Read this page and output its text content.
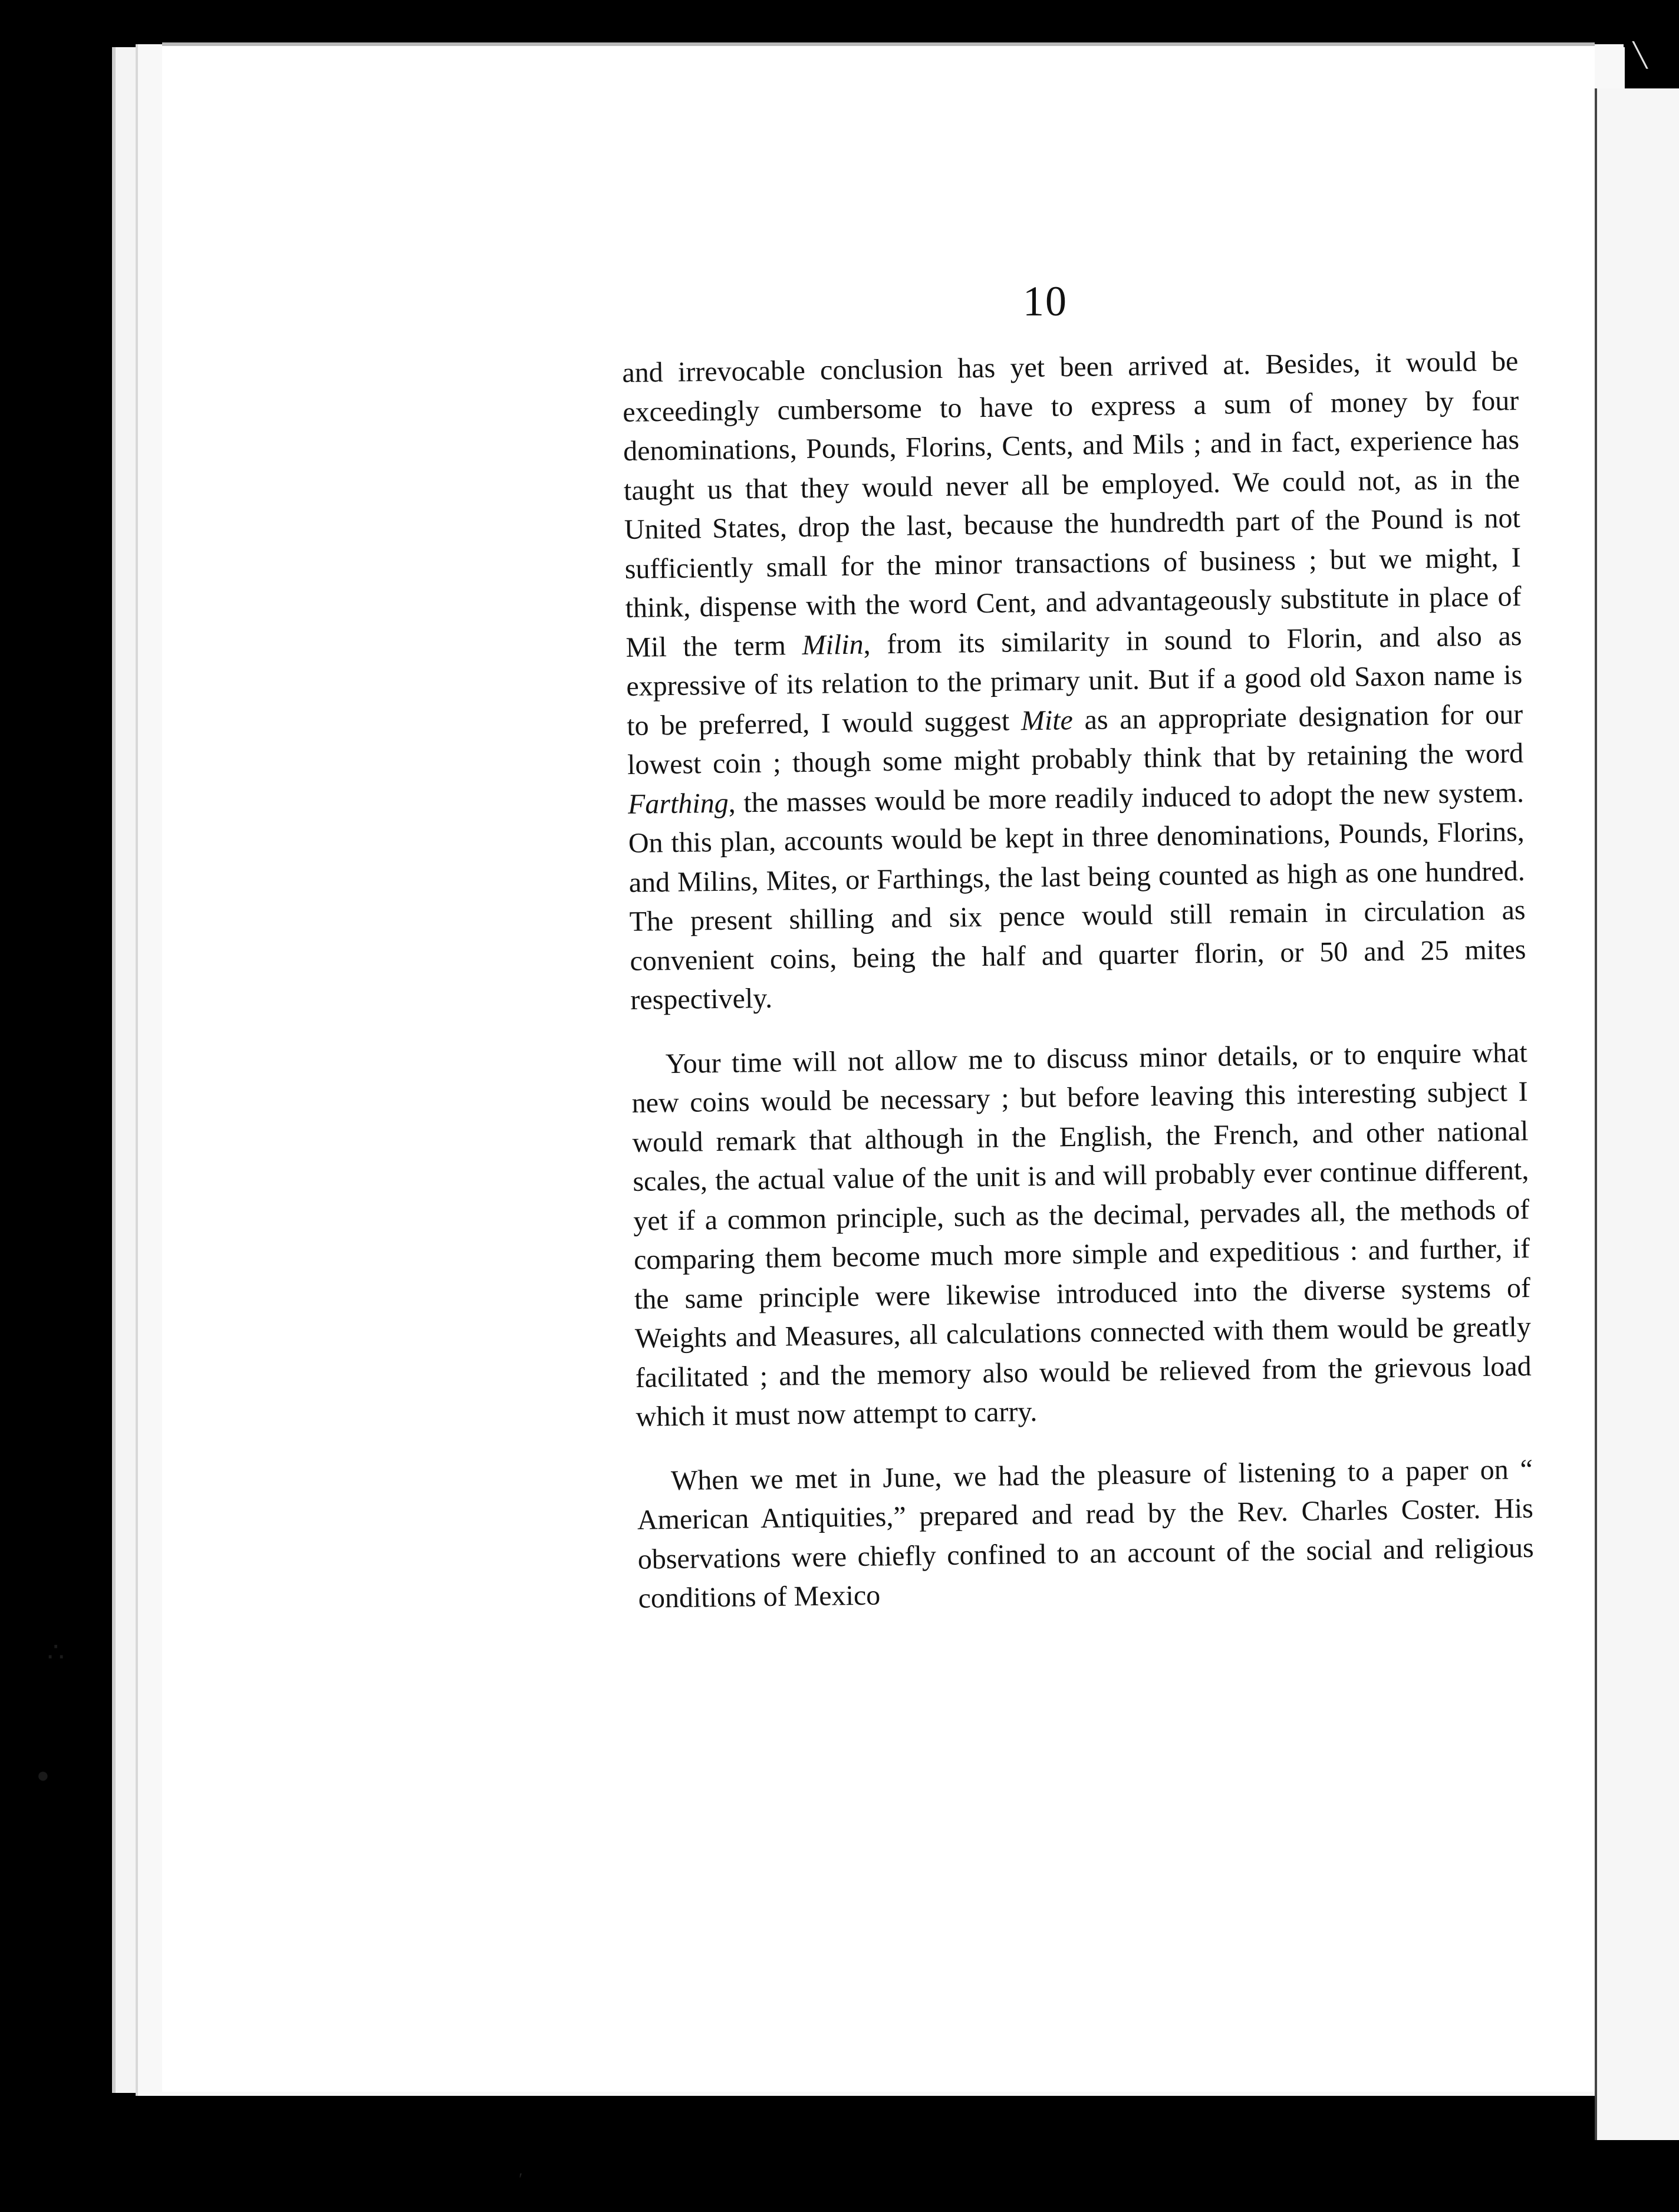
∴
●
╲
10

and irrevocable conclusion has yet been arrived at. Besides, it would be exceedingly cumbersome to have to express a sum of money by four denominations, Pounds, Florins, Cents, and Mils ; and in fact, experience has taught us that they would never all be employed. We could not, as in the United States, drop the last, because the hundredth part of the Pound is not sufficiently small for the minor transactions of business ; but we might, I think, dispense with the word Cent, and advantageously substitute in place of Mil the term Milin, from its similarity in sound to Florin, and also as expressive of its relation to the primary unit. But if a good old Saxon name is to be preferred, I would suggest Mite as an appropriate designation for our lowest coin ; though some might probably think that by retaining the word Farthing, the masses would be more readily induced to adopt the new system. On this plan, accounts would be kept in three denominations, Pounds, Florins, and Milins, Mites, or Farthings, the last being counted as high as one hundred. The present shilling and six pence would still remain in circulation as convenient coins, being the half and quarter florin, or 50 and 25 mites respectively.

Your time will not allow me to discuss minor details, or to enquire what new coins would be necessary ; but before leaving this interesting subject I would remark that although in the English, the French, and other national scales, the actual value of the unit is and will probably ever continue different, yet if a common principle, such as the decimal, pervades all, the methods of comparing them become much more simple and expeditious : and further, if the same principle were likewise introduced into the diverse systems of Weights and Measures, all calculations connected with them would be greatly facilitated ; and the memory also would be relieved from the grievous load which it must now attempt to carry.

When we met in June, we had the pleasure of listening to a paper on “ American Antiquities,” prepared and read by the Rev. Charles Coster. His observations were chiefly confined to an account of the social and religious conditions of Mexico

′
